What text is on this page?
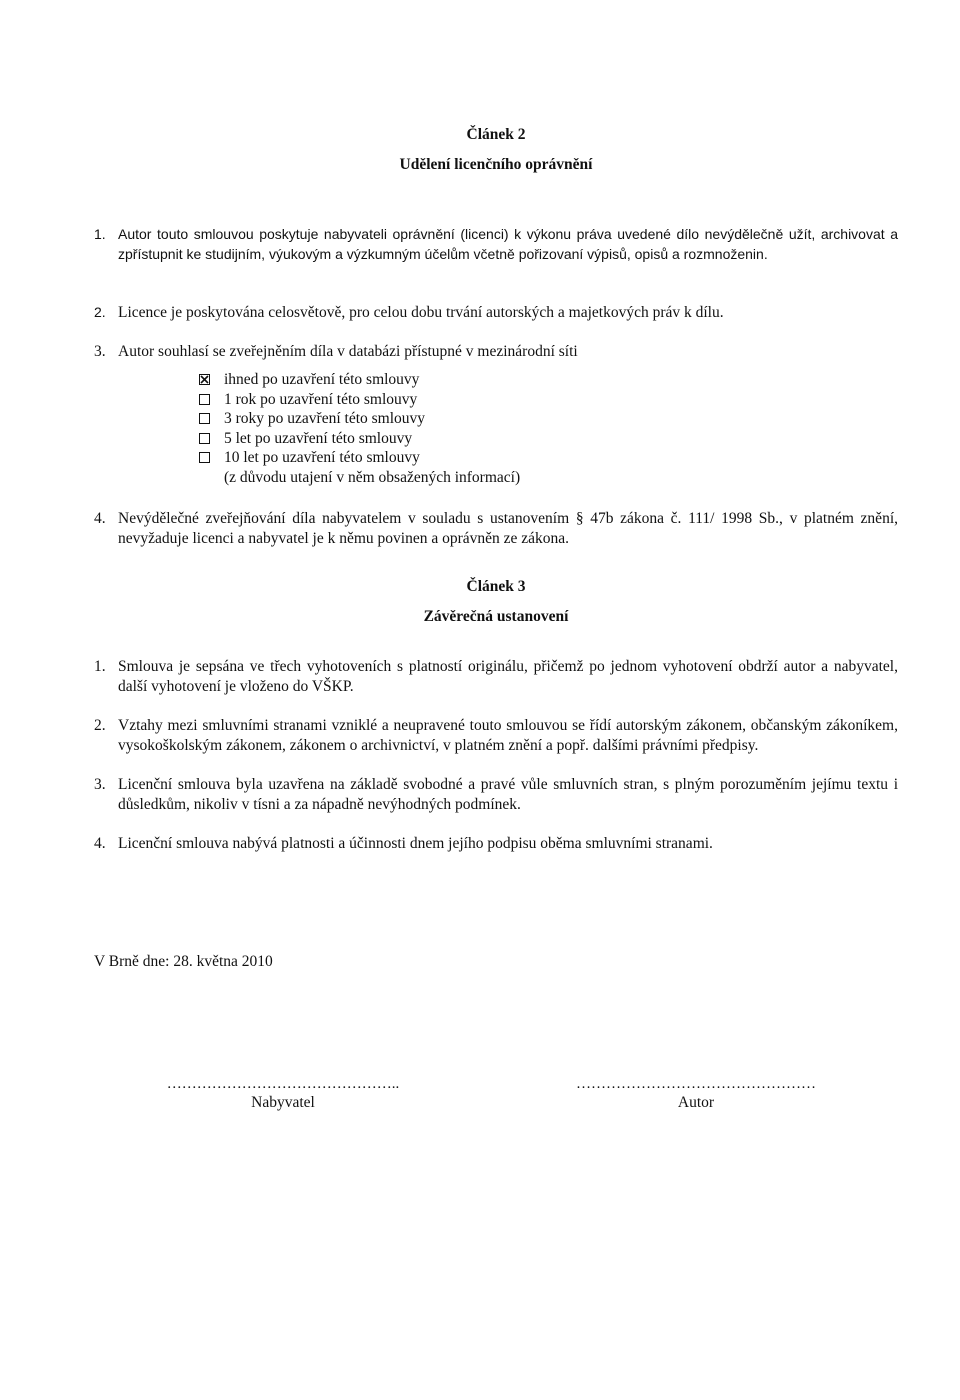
Článek 2
Udělení licenčního oprávnění
1. Autor touto smlouvou poskytuje nabyvateli oprávnění (licenci) k výkonu práva uvedené dílo nevýdělečně užít, archivovat a zpřístupnit ke studijním, výukovým a výzkumným účelům včetně pořizovaní výpisů, opisů a rozmnoženin.
2. Licence je poskytována celosvětově, pro celou dobu trvání autorských a majetkových práv k dílu.
3. Autor souhlasí se zveřejněním díla v databázi přístupné v mezinárodní síti
ihned po uzavření této smlouvy
1 rok po uzavření této smlouvy
3 roky po uzavření této smlouvy
5 let po uzavření této smlouvy
10 let po uzavření této smlouvy
(z důvodu utajení v něm obsažených informací)
4. Nevýdělečné zveřejňování díla nabyvatelem v souladu s ustanovením § 47b zákona č. 111/ 1998 Sb., v platném znění, nevyžaduje licenci a nabyvatel je k němu povinen a oprávněn ze zákona.
Článek 3
Závěrečná ustanovení
1. Smlouva je sepsána ve třech vyhotoveních s platností originálu, přičemž po jednom vyhotovení obdrží autor a nabyvatel, další vyhotovení je vloženo do VŠKP.
2. Vztahy mezi smluvními stranami vzniklé a neupravené touto smlouvou se řídí autorským zákonem, občanským zákoníkem, vysokoškolským zákonem, zákonem o archivnictví, v platném znění a popř. dalšími právními předpisy.
3. Licenční smlouva byla uzavřena na základě svobodné a pravé vůle smluvních stran, s plným porozuměním jejímu textu i důsledkům, nikoliv v tísni a za nápadně nevýhodných podmínek.
4. Licenční smlouva nabývá platnosti a účinnosti dnem jejího podpisu oběma smluvními stranami.
V Brně dne: 28. května 2010
………………………………………..
Nabyvatel
…………………………………………
Autor
